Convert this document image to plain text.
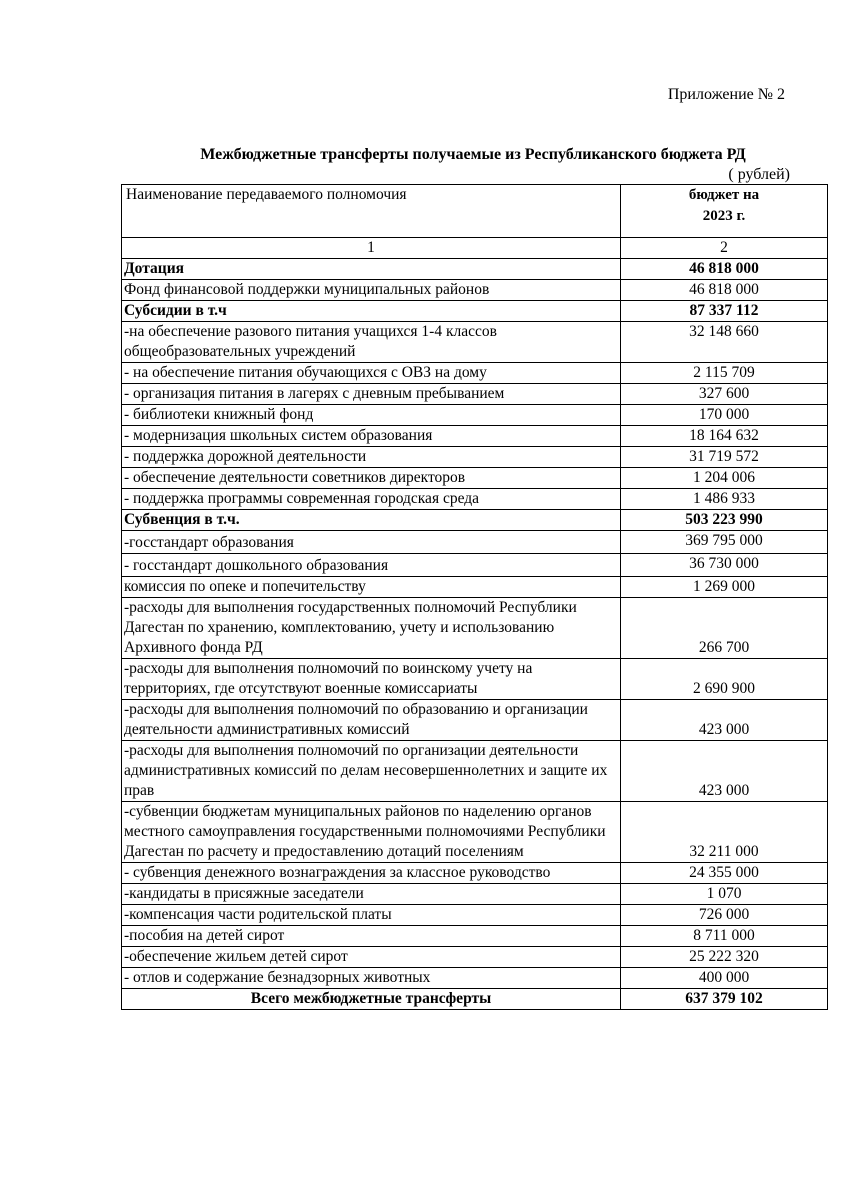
Приложение № 2
Межбюджетные трансферты получаемые из Республиканского бюджета РД
( рублей)
Наименование передаваемого полномочия	бюджет на
2023 г.

1	2
Дотация	46 818 000
Фонд финансовой поддержки муниципальных районов	46 818 000
Субсидии в т.ч	87 337 112
-на обеспечение разового питания учащихся 1-4 классов общеобразовательных учреждений	32 148 660
- на обеспечение питания обучающихся с ОВЗ на дому	2 115 709
- организация питания в лагерях с дневным пребыванием	327 600
- библиотеки книжный фонд	170 000
- модернизация школьных систем образования	18 164 632
- поддержка дорожной деятельности	31 719 572
- обеспечение деятельности советников директоров	1 204 006
- поддержка программы современная городская среда	1 486 933
Субвенция в т.ч.	503 223 990
-госстандарт образования	369 795 000
- госстандарт дошкольного образования	36 730 000
комиссия по опеке и попечительству	1 269 000
-расходы для выполнения государственных полномочий Республики Дагестан по хранению, комплектованию, учету и использованию Архивного фонда РД	266 700
-расходы для выполнения полномочий по воинскому учету на территориях, где отсутствуют военные комиссариаты	2 690 900
-расходы для выполнения полномочий по образованию и организации деятельности административных комиссий	423 000
-расходы для выполнения полномочий по организации деятельности административных комиссий по делам несовершеннолетних и защите их прав	423 000
-субвенции бюджетам муниципальных районов по наделению органов местного самоуправления государственными полномочиями Республики Дагестан по расчету и предоставлению дотаций поселениям	32 211 000
- субвенция денежного вознаграждения за классное руководство	24 355 000
-кандидаты в присяжные заседатели	1 070
-компенсация части родительской платы	726 000
-пособия на детей сирот	8 711 000
-обеспечение жильем детей сирот	25 222 320
- отлов и содержание безнадзорных животных	400 000
Всего межбюджетные трансферты	637 379 102
